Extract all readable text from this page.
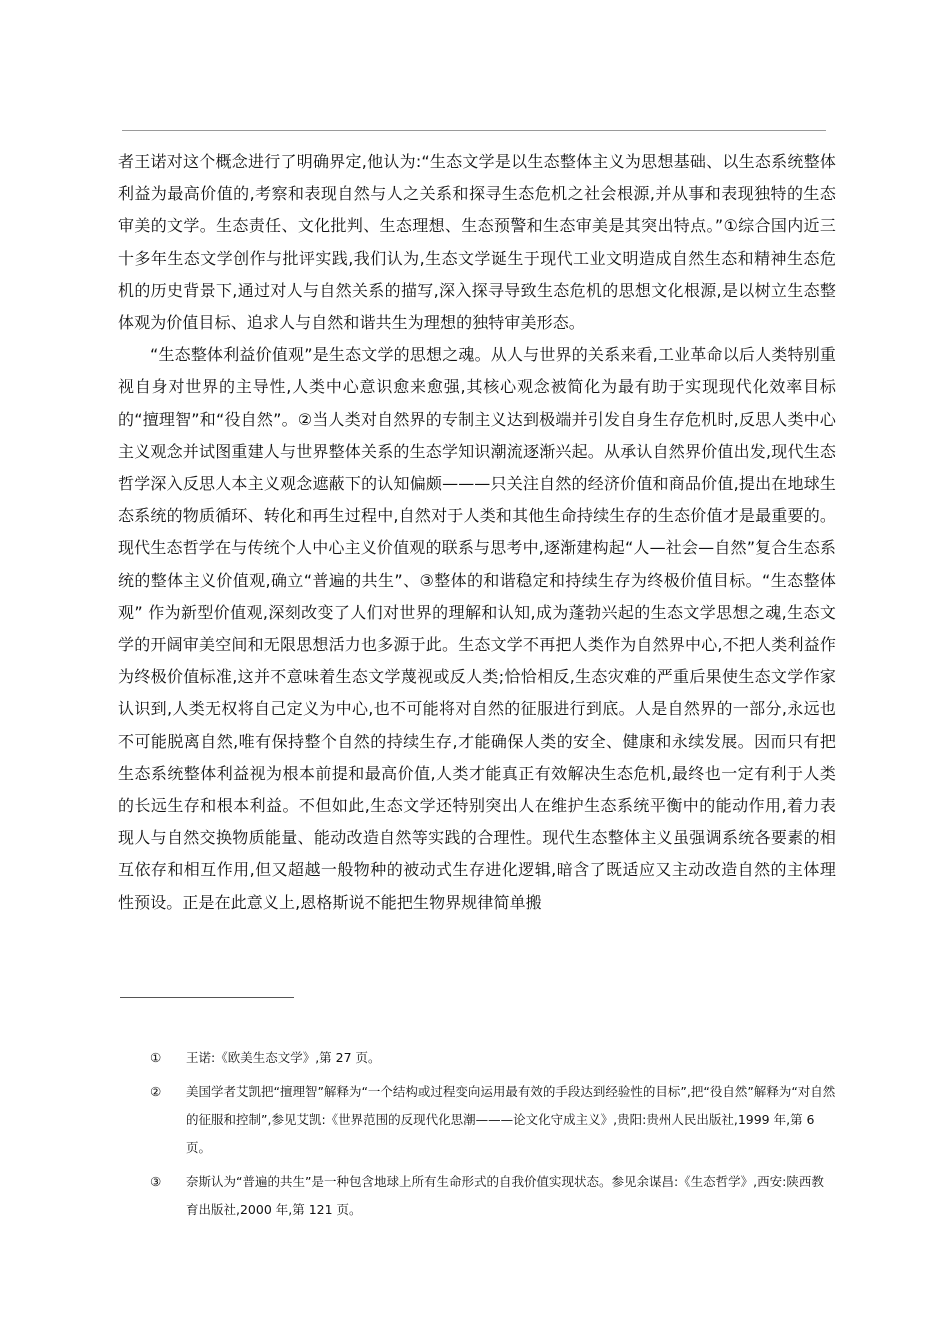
者王诺对这个概念进行了明确界定,他认为:“生态文学是以生态整体主义为思想基础、以生态系统整体利益为最高价值的,考察和表现自然与人之关系和探寻生态危机之社会根源,并从事和表现独特的生态审美的文学。生态责任、文化批判、生态理想、生态预警和生态审美是其突出特点。”①综合国内近三十多年生态文学创作与批评实践,我们认为,生态文学诞生于现代工业文明造成自然生态和精神生态危机的历史背景下,通过对人与自然关系的描写,深入探寻导致生态危机的思想文化根源,是以树立生态整体观为价值目标、追求人与自然和谐共生为理想的独特审美形态。

“生态整体利益价值观”是生态文学的思想之魂。从人与世界的关系来看,工业革命以后人类特别重视自身对世界的主导性,人类中心意识愈来愈强,其核心观念被简化为最有助于实现现代化效率目标的“擅理智”和“役自然”。②当人类对自然界的专制主义达到极端并引发自身生存危机时,反思人类中心主义观念并试图重建人与世界整体关系的生态学知识潮流逐渐兴起。从承认自然界价值出发,现代生态哲学深入反思人本主义观念遮蔽下的认知偏颇———只关注自然的经济价值和商品价值,提出在地球生态系统的物质循环、转化和再生过程中,自然对于人类和其他生命持续生存的生态价值才是最重要的。现代生态哲学在与传统个人中心主义价值观的联系与思考中,逐渐建构起“人—社会—自然”复合生态系统的整体主义价值观,确立“普遍的共生”、③整体的和谐稳定和持续生存为终极价值目标。“生态整体观” 作为新型价值观,深刻改变了人们对世界的理解和认知,成为蓬勃兴起的生态文学思想之魂,生态文学的开阔审美空间和无限思想活力也多源于此。生态文学不再把人类作为自然界中心,不把人类利益作为终极价值标准,这并不意味着生态文学蔑视或反人类;恰恰相反,生态灾难的严重后果使生态文学作家认识到,人类无权将自己定义为中心,也不可能将对自然的征服进行到底。人是自然界的一部分,永远也不可能脱离自然,唯有保持整个自然的持续生存,才能确保人类的安全、健康和永续发展。因而只有把生态系统整体利益视为根本前提和最高价值,人类才能真正有效解决生态危机,最终也一定有利于人类的长远生存和根本利益。不但如此,生态文学还特别突出人在维护生态系统平衡中的能动作用,着力表现人与自然交换物质能量、能动改造自然等实践的合理性。现代生态整体主义虽强调系统各要素的相互依存和相互作用,但又超越一般物种的被动式生存进化逻辑,暗含了既适应又主动改造自然的主体理性预设。正是在此意义上,恩格斯说不能把生物界规律简单搬

① 王诺:《欧美生态文学》,第 27 页。
② 美国学者艾凯把“擅理智”解释为“一个结构或过程变向运用最有效的手段达到经验性的目标”,把“役自然”解释为“对自然的征服和控制”,参见艾凯:《世界范围的反现代化思潮———论文化守成主义》,贵阳:贵州人民出版社,1999 年,第 6 页。
③ 奈斯认为“普遍的共生”是一种包含地球上所有生命形式的自我价值实现状态。参见余谋昌:《生态哲学》,西安:陕西教育出版社,2000 年,第 121 页。
